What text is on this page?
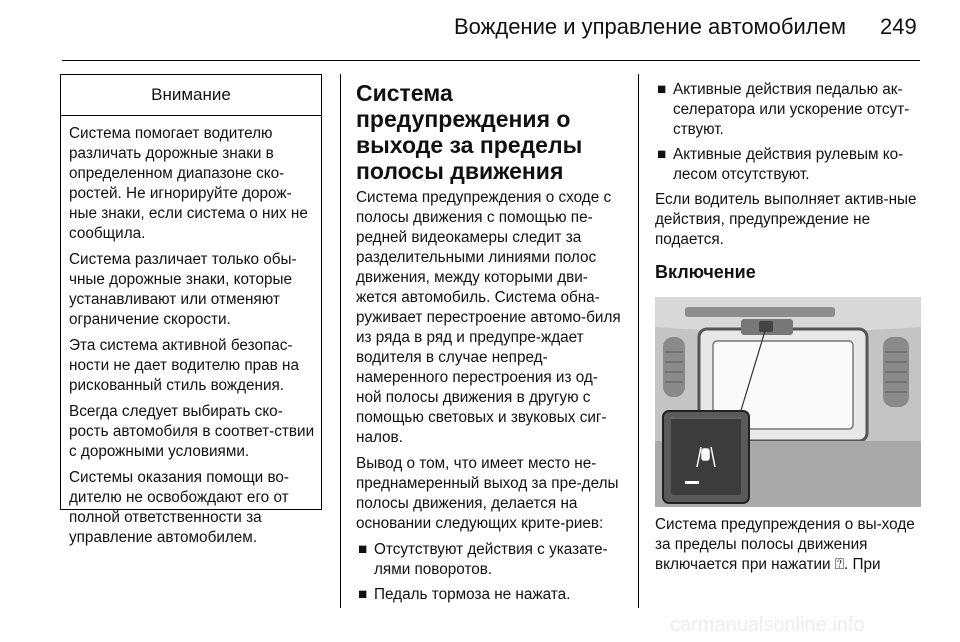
Вождение и управление автомобилем 249
Внимание

Система помогает водителю различать дорожные знаки в определенном диапазоне ско-ростей. Не игнорируйте дорож-ные знаки, если система о них не сообщила.

Система различает только обы-чные дорожные знаки, которые устанавливают или отменяют ограничение скорости.

Эта система активной безопас-ности не дает водителю прав на рискованный стиль вождения.

Всегда следует выбирать ско-рость автомобиля в соответ-ствии с дорожными условиями.

Системы оказания помощи во-дителю не освобождают его от полной ответственности за управление автомобилем.

Система предупреждения о выходе за пределы полосы движения

Система предупреждения о сходе с полосы движения с помощью пе-редней видеокамеры следит за разделительными линиями полос движения, между которыми дви-жется автомобиль. Система обна-руживает перестроение автомо-биля из ряда в ряд и предупре-ждает водителя в случае непред-намеренного перестроения из од-ной полосы движения в другую с помощью световых и звуковых сиг-налов.

Вывод о том, что имеет место не-преднамеренный выход за пре-делы полосы движения, делается на основании следующих крите-риев:

■ Отсутствуют действия с указате-лями поворотов.
■ Педаль тормоза не нажата.
■ Активные действия педалью ак-селератора или ускорение отсут-ствуют.
■ Активные действия рулевым ко-лесом отсутствуют.

Если водитель выполняет актив-ные действия, предупреждение не подается.

Включение

Система предупреждения о вы-ходе за пределы полосы движения включается при нажатии ⍰. При

carmanualsonline.info
